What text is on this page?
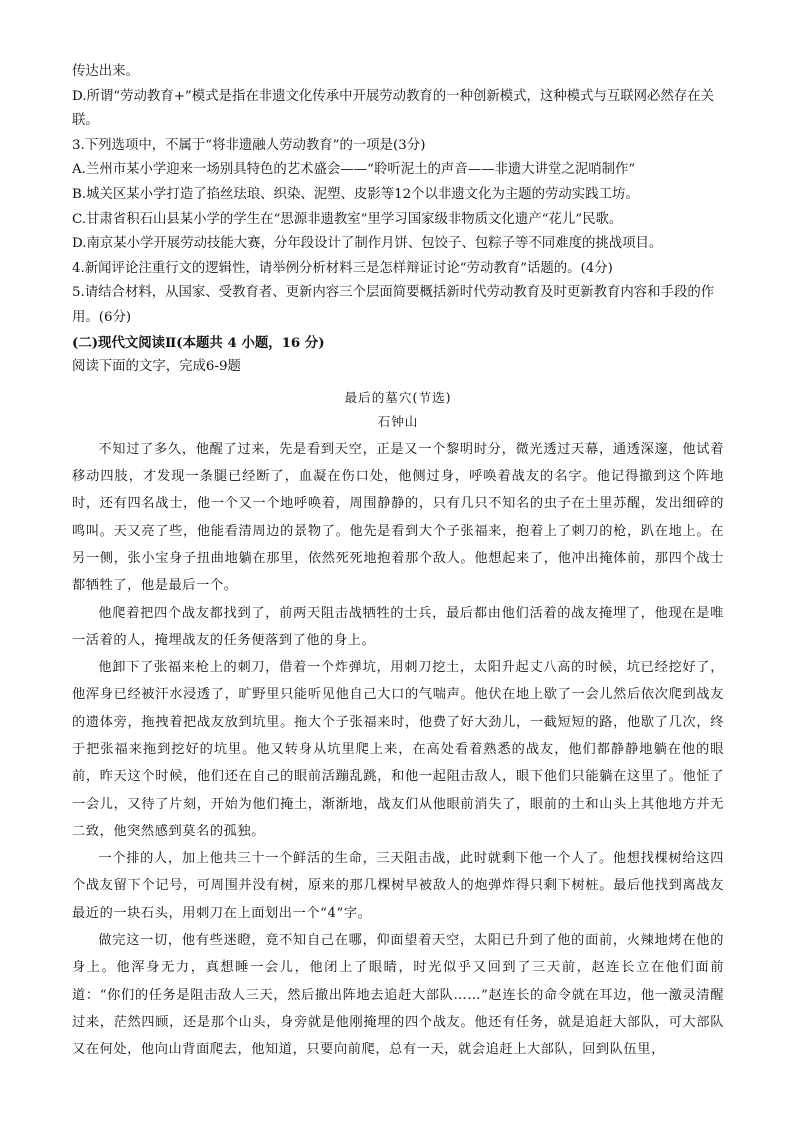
传达出来。

D.所谓“劳动教育+”模式是指在非遗文化传承中开展劳动教育的一种创新模式，这种模式与互联网必然存在关联。

3.下列选项中，不属于“将非遗融人劳动教育”的一项是(3分)

A.兰州市某小学迎来一场别具特色的艺术盛会——“聆听泥土的声音——非遗大讲堂之泥哨制作”

B.城关区某小学打造了掐丝珐琅、织染、泥塑、皮影等12个以非遗文化为主题的劳动实践工坊。

C.甘肃省积石山县某小学的学生在“思源非遗教室”里学习国家级非物质文化遗产“花儿”民歌。

D.南京某小学开展劳动技能大赛，分年段设计了制作月饼、包饺子、包粽子等不同难度的挑战项目。

4.新闻评论注重行文的逻辑性，请举例分析材料三是怎样辩证讨论“劳动教育”话题的。(4分)

5.请结合材料，从国家、受教育者、更新内容三个层面简要概括新时代劳动教育及时更新教育内容和手段的作用。(6分)

(二)现代文阅读Ⅱ(本题共 4 小题，16 分)

阅读下面的文字，完成6-9题

最后的墓穴(节选)
石钟山

不知过了多久，他醒了过来，先是看到天空，正是又一个黎明时分，微光透过天幕，通透深邃，他试着移动四肢，才发现一条腿已经断了，血凝在伤口处，他侧过身，呼唤着战友的名字。他记得撤到这个阵地时，还有四名战士，他一个又一个地呼唤着，周围静静的，只有几只不知名的虫子在土里苏醒，发出细碎的鸣叫。天又亮了些，他能看清周边的景物了。他先是看到大个子张福来，抱着上了刺刀的枪，趴在地上。在另一侧，张小宝身子扭曲地躺在那里，依然死死地抱着那个敌人。他想起来了，他冲出掩体前，那四个战士都牺牲了，他是最后一个。

他爬着把四个战友都找到了，前两天阻击战牺牲的士兵，最后都由他们活着的战友掩埋了，他现在是唯一活着的人，掩埋战友的任务便落到了他的身上。

他卸下了张福来枪上的刺刀，借着一个炸弹坑，用刺刀挖土，太阳升起丈八高的时候，坑已经挖好了，他浑身已经被汗水浸透了，旷野里只能听见他自己大口的气喘声。他伏在地上歇了一会儿然后依次爬到战友的遗体旁，拖拽着把战友放到坑里。拖大个子张福来时，他费了好大劲儿，一截短短的路，他歇了几次，终于把张福来拖到挖好的坑里。他又转身从坑里爬上来，在高处看着熟悉的战友，他们都静静地躺在他的眼前，昨天这个时候，他们还在自己的眼前活蹦乱跳，和他一起阻击敌人，眼下他们只能躺在这里了。他怔了一会儿，又待了片刻，开始为他们掩土，渐渐地，战友们从他眼前消失了，眼前的土和山头上其他地方并无二致，他突然感到莫名的孤独。

一个排的人，加上他共三十一个鲜活的生命，三天阻击战，此时就剩下他一个人了。他想找棵树给这四个战友留下个记号，可周围并没有树，原来的那几棵树早被敌人的炮弹炸得只剩下树桩。最后他找到离战友最近的一块石头，用刺刀在上面划出一个“4”字。

做完这一切，他有些迷瞪，竟不知自己在哪，仰面望着天空，太阳已升到了他的面前，火辣地烤在他的身上。他浑身无力，真想睡一会儿，他闭上了眼睛，时光似乎又回到了三天前，赵连长立在他们面前道：“你们的任务是阻击敌人三天，然后撤出阵地去追赶大部队……”赵连长的命令就在耳边，他一激灵清醒过来，茫然四顾，还是那个山头，身旁就是他刚掩埋的四个战友。他还有任务，就是追赶大部队，可大部队又在何处，他向山背面爬去，他知道，只要向前爬，总有一天，就会追赶上大部队，回到队伍里，
